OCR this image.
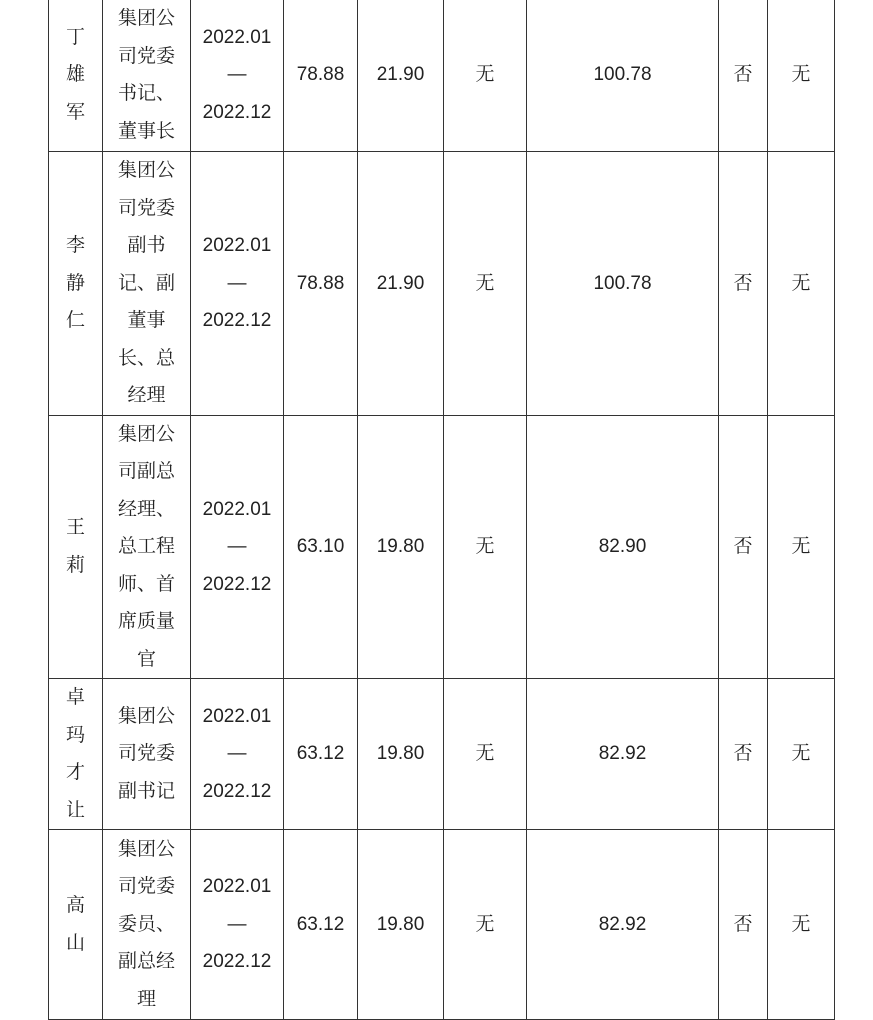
丁雄军	集团公司党委书记、董事长	2022.01
—
2022.12	78.88	21.90	无	100.78	否	无
李静仁	集团公司党委副书记、副董事长、总经理	2022.01
—
2022.12	78.88	21.90	无	100.78	否	无
王莉	集团公司副总经理、总工程师、首席质量官	2022.01
—
2022.12	63.10	19.80	无	82.90	否	无
卓玛才让	集团公司党委副书记	2022.01
—
2022.12	63.12	19.80	无	82.92	否	无
高山	集团公司党委委员、副总经理	2022.01
—
2022.12	63.12	19.80	无	82.92	否	无
